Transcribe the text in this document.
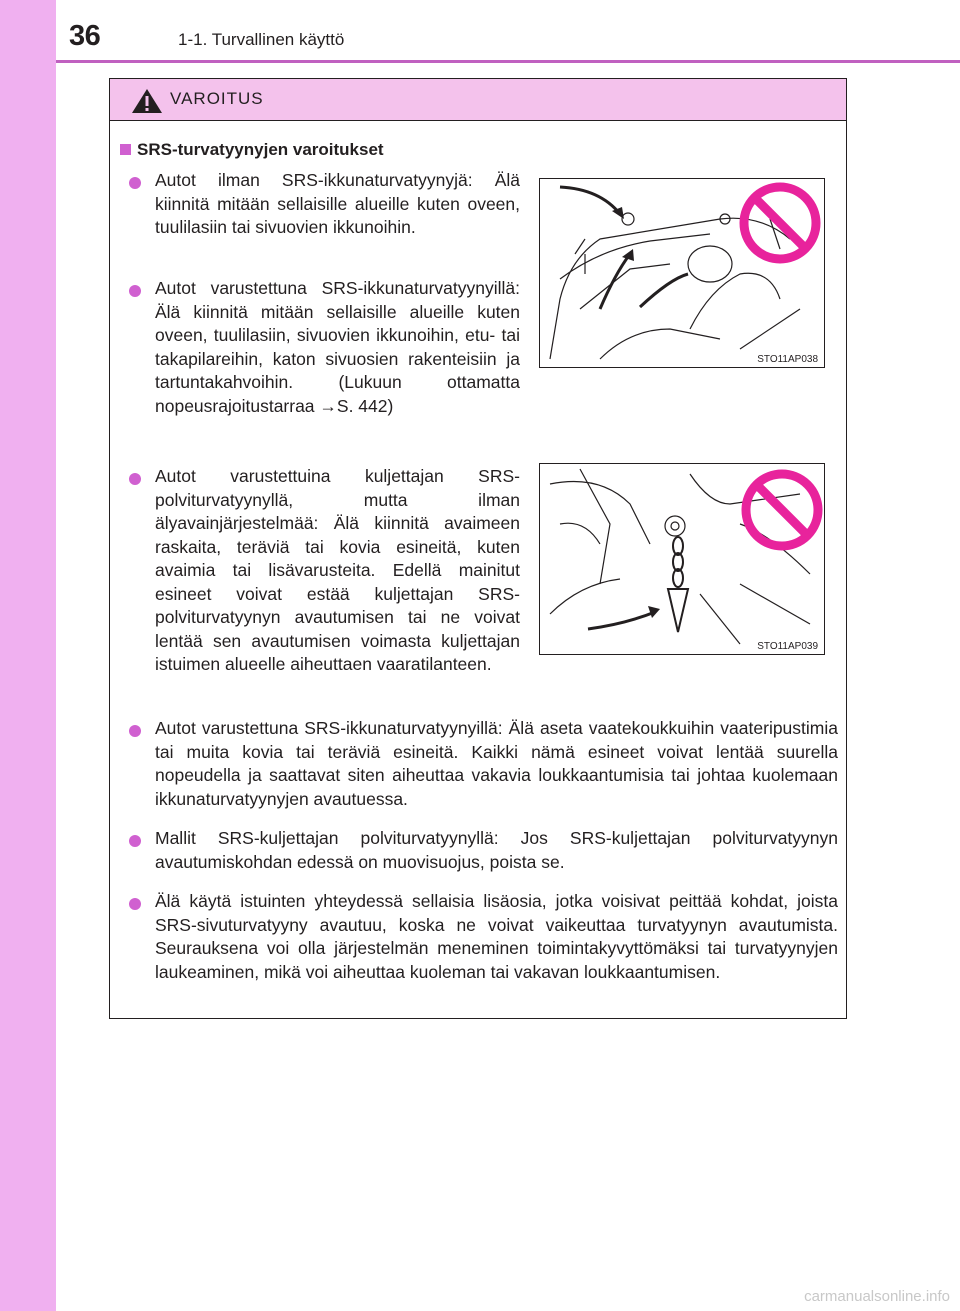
36	1-1. Turvallinen käyttö
VAROITUS
SRS-turvatyynyjen varoitukset
Autot ilman SRS-ikkunaturvatyynyjä: Älä kiinnitä mitään sellaisille alueille kuten oveen, tuulilasiin tai sivuovien ikkunoihin.
Autot varustettuna SRS-ikkunaturvatyynyillä: Älä kiinnitä mitään sellaisille alueille kuten oveen, tuulilasiin, sivuovien ikkunoihin, etu- tai takapilareihin, katon sivuosien rakenteisiin ja tartuntakahvoihin. (Lukuun ottamatta nopeusrajoitustarraa →S. 442)
STO11AP038
Autot varustettuina kuljettajan SRS-polviturvatyynyllä, mutta ilman älyavainjärjestelmää: Älä kiinnitä avaimeen raskaita, teräviä tai kovia esineitä, kuten avaimia tai lisävarusteita. Edellä mainitut esineet voivat estää kuljettajan SRS-polviturvatyynyn avautumisen tai ne voivat lentää sen avautumisen voimasta kuljettajan istuimen alueelle aiheuttaen vaaratilanteen.
STO11AP039
Autot varustettuna SRS-ikkunaturvatyynyillä: Älä aseta vaatekoukkuihin vaateripustimia tai muita kovia tai teräviä esineitä. Kaikki nämä esineet voivat lentää suurella nopeudella ja saattavat siten aiheuttaa vakavia loukkaantumisia tai johtaa kuolemaan ikkunaturvatyynyjen avautuessa.
Mallit SRS-kuljettajan polviturvatyynyllä: Jos SRS-kuljettajan polviturvatyynyn avautumiskohdan edessä on muovisuojus, poista se.
Älä käytä istuinten yhteydessä sellaisia lisäosia, jotka voisivat peittää kohdat, joista SRS-sivuturvatyyny avautuu, koska ne voivat vaikeuttaa turvatyynyn avautumista. Seurauksena voi olla järjestelmän meneminen toimintakyvyttömäksi tai turvatyynyjen laukeaminen, mikä voi aiheuttaa kuoleman tai vakavan loukkaantumisen.
carmanualsonline.info
